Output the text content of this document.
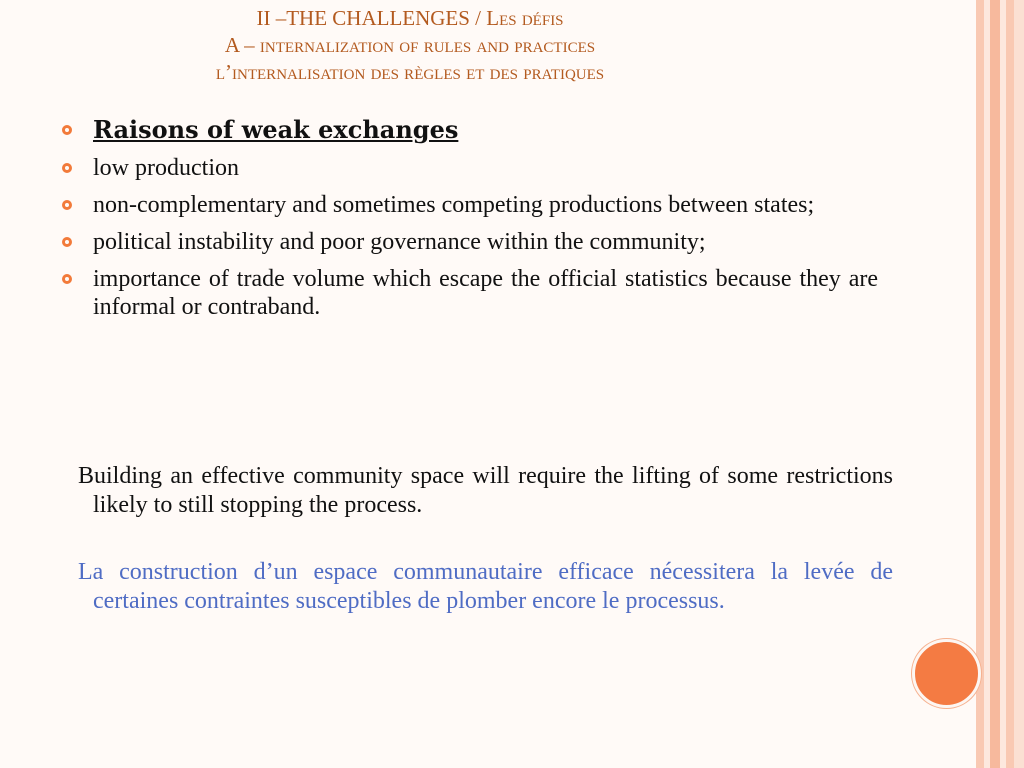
II –THE CHALLENGES / Les défis
A – internalization of rules and practices
l’internalisation des règles et des pratiques
Raisons of weak exchanges
low production
non-complementary and sometimes competing productions between states;
political instability and poor governance within the community;
importance of trade volume which escape the official statistics because they are informal or contraband.
Building an effective community space will require the lifting of some restrictions likely to still stopping the process.
La construction d’un espace communautaire efficace nécessitera la levée de certaines contraintes susceptibles de plomber encore le processus.
